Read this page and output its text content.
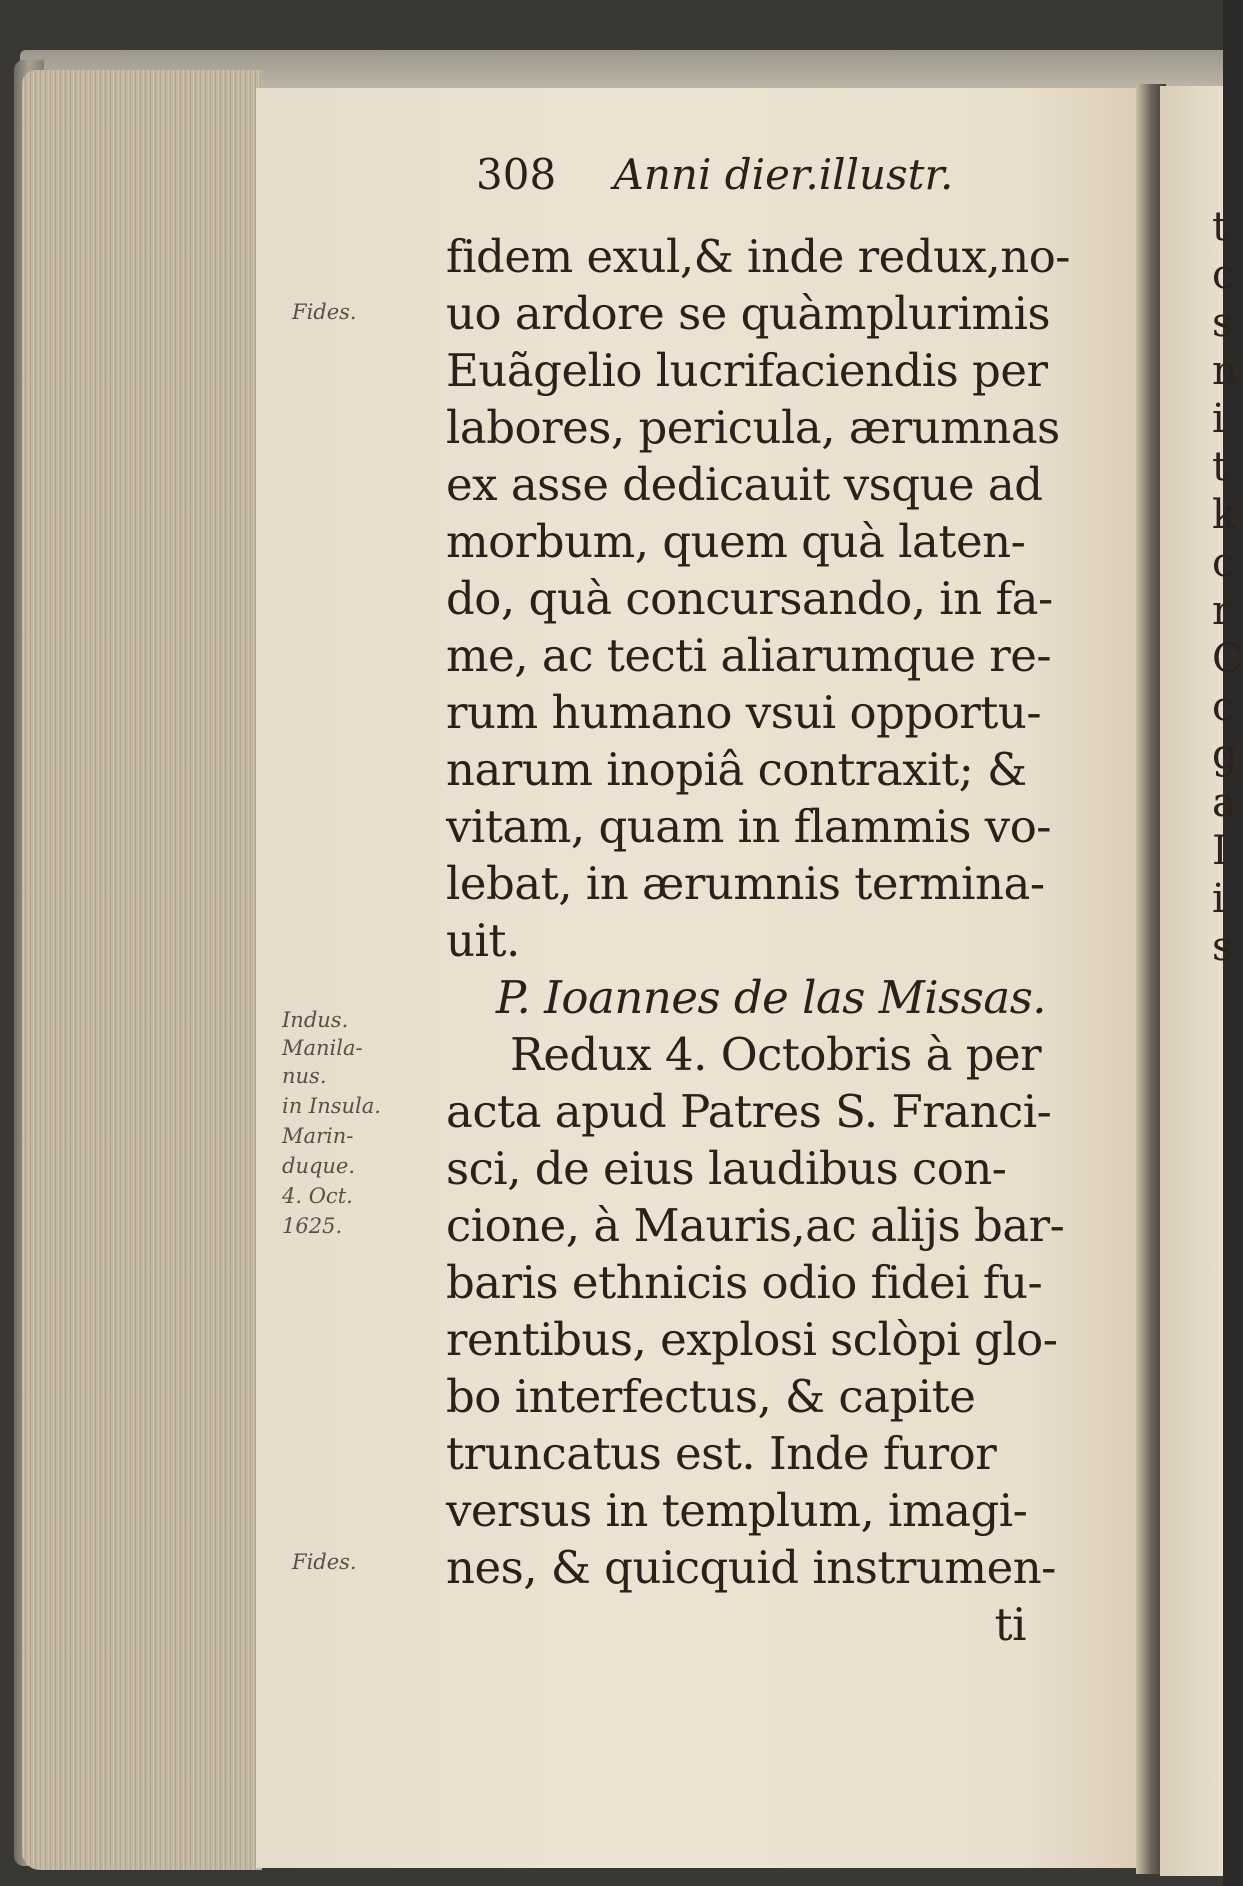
t
c
s
n
i
t
k
c
r
C
c
g
a
I
i
s
308 Anni dier.illustr.
fidem exul,& inde redux,no-
uo ardore se quàmplurimis
Euãgelio lucrifaciendis per
labores, pericula, ærumnas
ex asse dedicauit vsque ad
morbum, quem quà laten-
do, quà concursando, in fa-
me, ac tecti aliarumque re-
rum humano vsui opportu-
narum inopiâ contraxit; &
vitam, quam in flammis vo-
lebat, in ærumnis termina-
uit.
P. Ioannes de las Missas.
Redux 4. Octobris à per
acta apud Patres S. Franci-
sci, de eius laudibus con-
cione, à Mauris,ac alijs bar-
baris ethnicis odio fidei fu-
rentibus, explosi sclòpi glo-
bo interfectus, & capite
truncatus est. Inde furor
versus in templum, imagi-
nes, & quicquid instrumen-
ti
Fides.
Indus.
Manila-
nus.
in Insula.
Marin-
duque.
4. Oct.
1625.
Fides.
